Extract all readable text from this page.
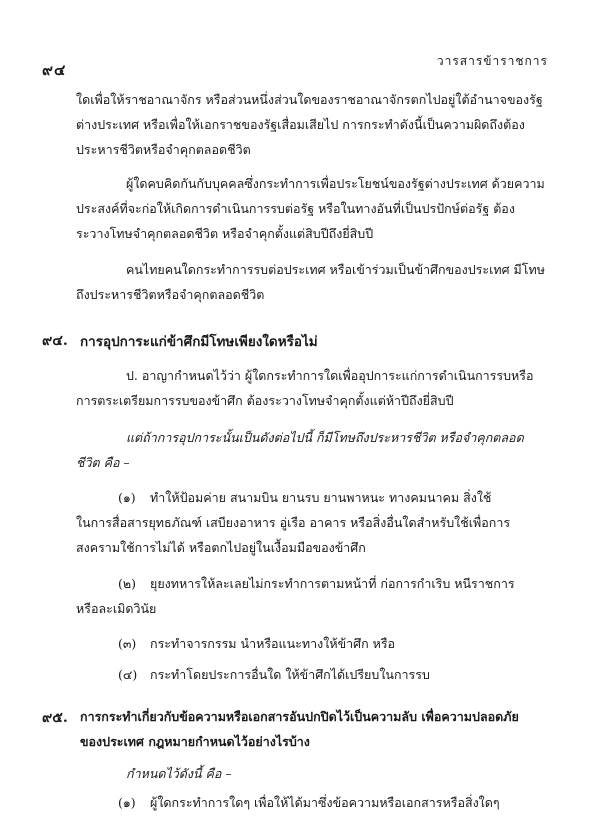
๙๔	วารสารข้าราชการ
ใดเพื่อให้ราชอาณาจักร หรือส่วนหนึ่งส่วนใดของราชอาณาจักรตกไปอยู่ใต้อำนาจของรัฐ
ต่างประเทศ หรือเพื่อให้เอกราชของรัฐเสื่อมเสียไป การกระทำดังนี้เป็นความผิดถึงต้อง
ประหารชีวิตหรือจำคุกตลอดชีวิต
ผู้ใดคบคิดกันกับบุคคลซึ่งกระทำการเพื่อประโยชน์ของรัฐต่างประเทศ ด้วยความ
ประสงค์ที่จะก่อให้เกิดการดำเนินการรบต่อรัฐ หรือในทางอันที่เป็นปรปักษ์ต่อรัฐ ต้อง
ระวางโทษจำคุกตลอดชีวิต หรือจำคุกตั้งแต่สิบปีถึงยี่สิบปี
คนไทยคนใดกระทำการรบต่อประเทศ หรือเข้าร่วมเป็นข้าศึกของประเทศ มีโทษ
ถึงประหารชีวิตหรือจำคุกตลอดชีวิต
๙๔. การอุปการะแก่ข้าศึกมีโทษเพียงใดหรือไม่
ป. อาญากำหนดไว้ว่า ผู้ใดกระทำการใดเพื่ออุปการะแก่การดำเนินการรบหรือ
การตระเตรียมการรบของข้าศึก ต้องระวางโทษจำคุกตั้งแต่ห้าปีถึงยี่สิบปี
แต่ถ้าการอุปการะนั้นเป็นดังต่อไปนี้ ก็มีโทษถึงประหารชีวิต หรือจำคุกตลอด
ชีวิต คือ –
(๑) ทำให้ป้อมค่าย สนามบิน ยานรบ ยานพาหนะ ทางคมนาคม สิ่งใช้
ในการสื่อสารยุทธภัณฑ์ เสบียงอาหาร อู่เรือ อาคาร หรือสิ่งอื่นใดสำหรับใช้เพื่อการ
สงครามใช้การไม่ได้ หรือตกไปอยู่ในเงื้อมมือของข้าศึก
(๒) ยุยงทหารให้ละเลยไม่กระทำการตามหน้าที่ ก่อการกำเริบ หนีราชการ
หรือละเมิดวินัย
(๓) กระทำจารกรรม นำหรือแนะทางให้ข้าศึก หรือ
(๔) กระทำโดยประการอื่นใด ให้ข้าศึกได้เปรียบในการรบ
๙๕. การกระทำเกี่ยวกับข้อความหรือเอกสารอันปกปิดไว้เป็นความลับ เพื่อความปลอดภัย
ของประเทศ กฎหมายกำหนดไว้อย่างไรบ้าง
กำหนดไว้ดังนี้ คือ –
(๑) ผู้ใดกระทำการใดๆ เพื่อให้ได้มาซึ่งข้อความหรือเอกสารหรือสิ่งใดๆ
